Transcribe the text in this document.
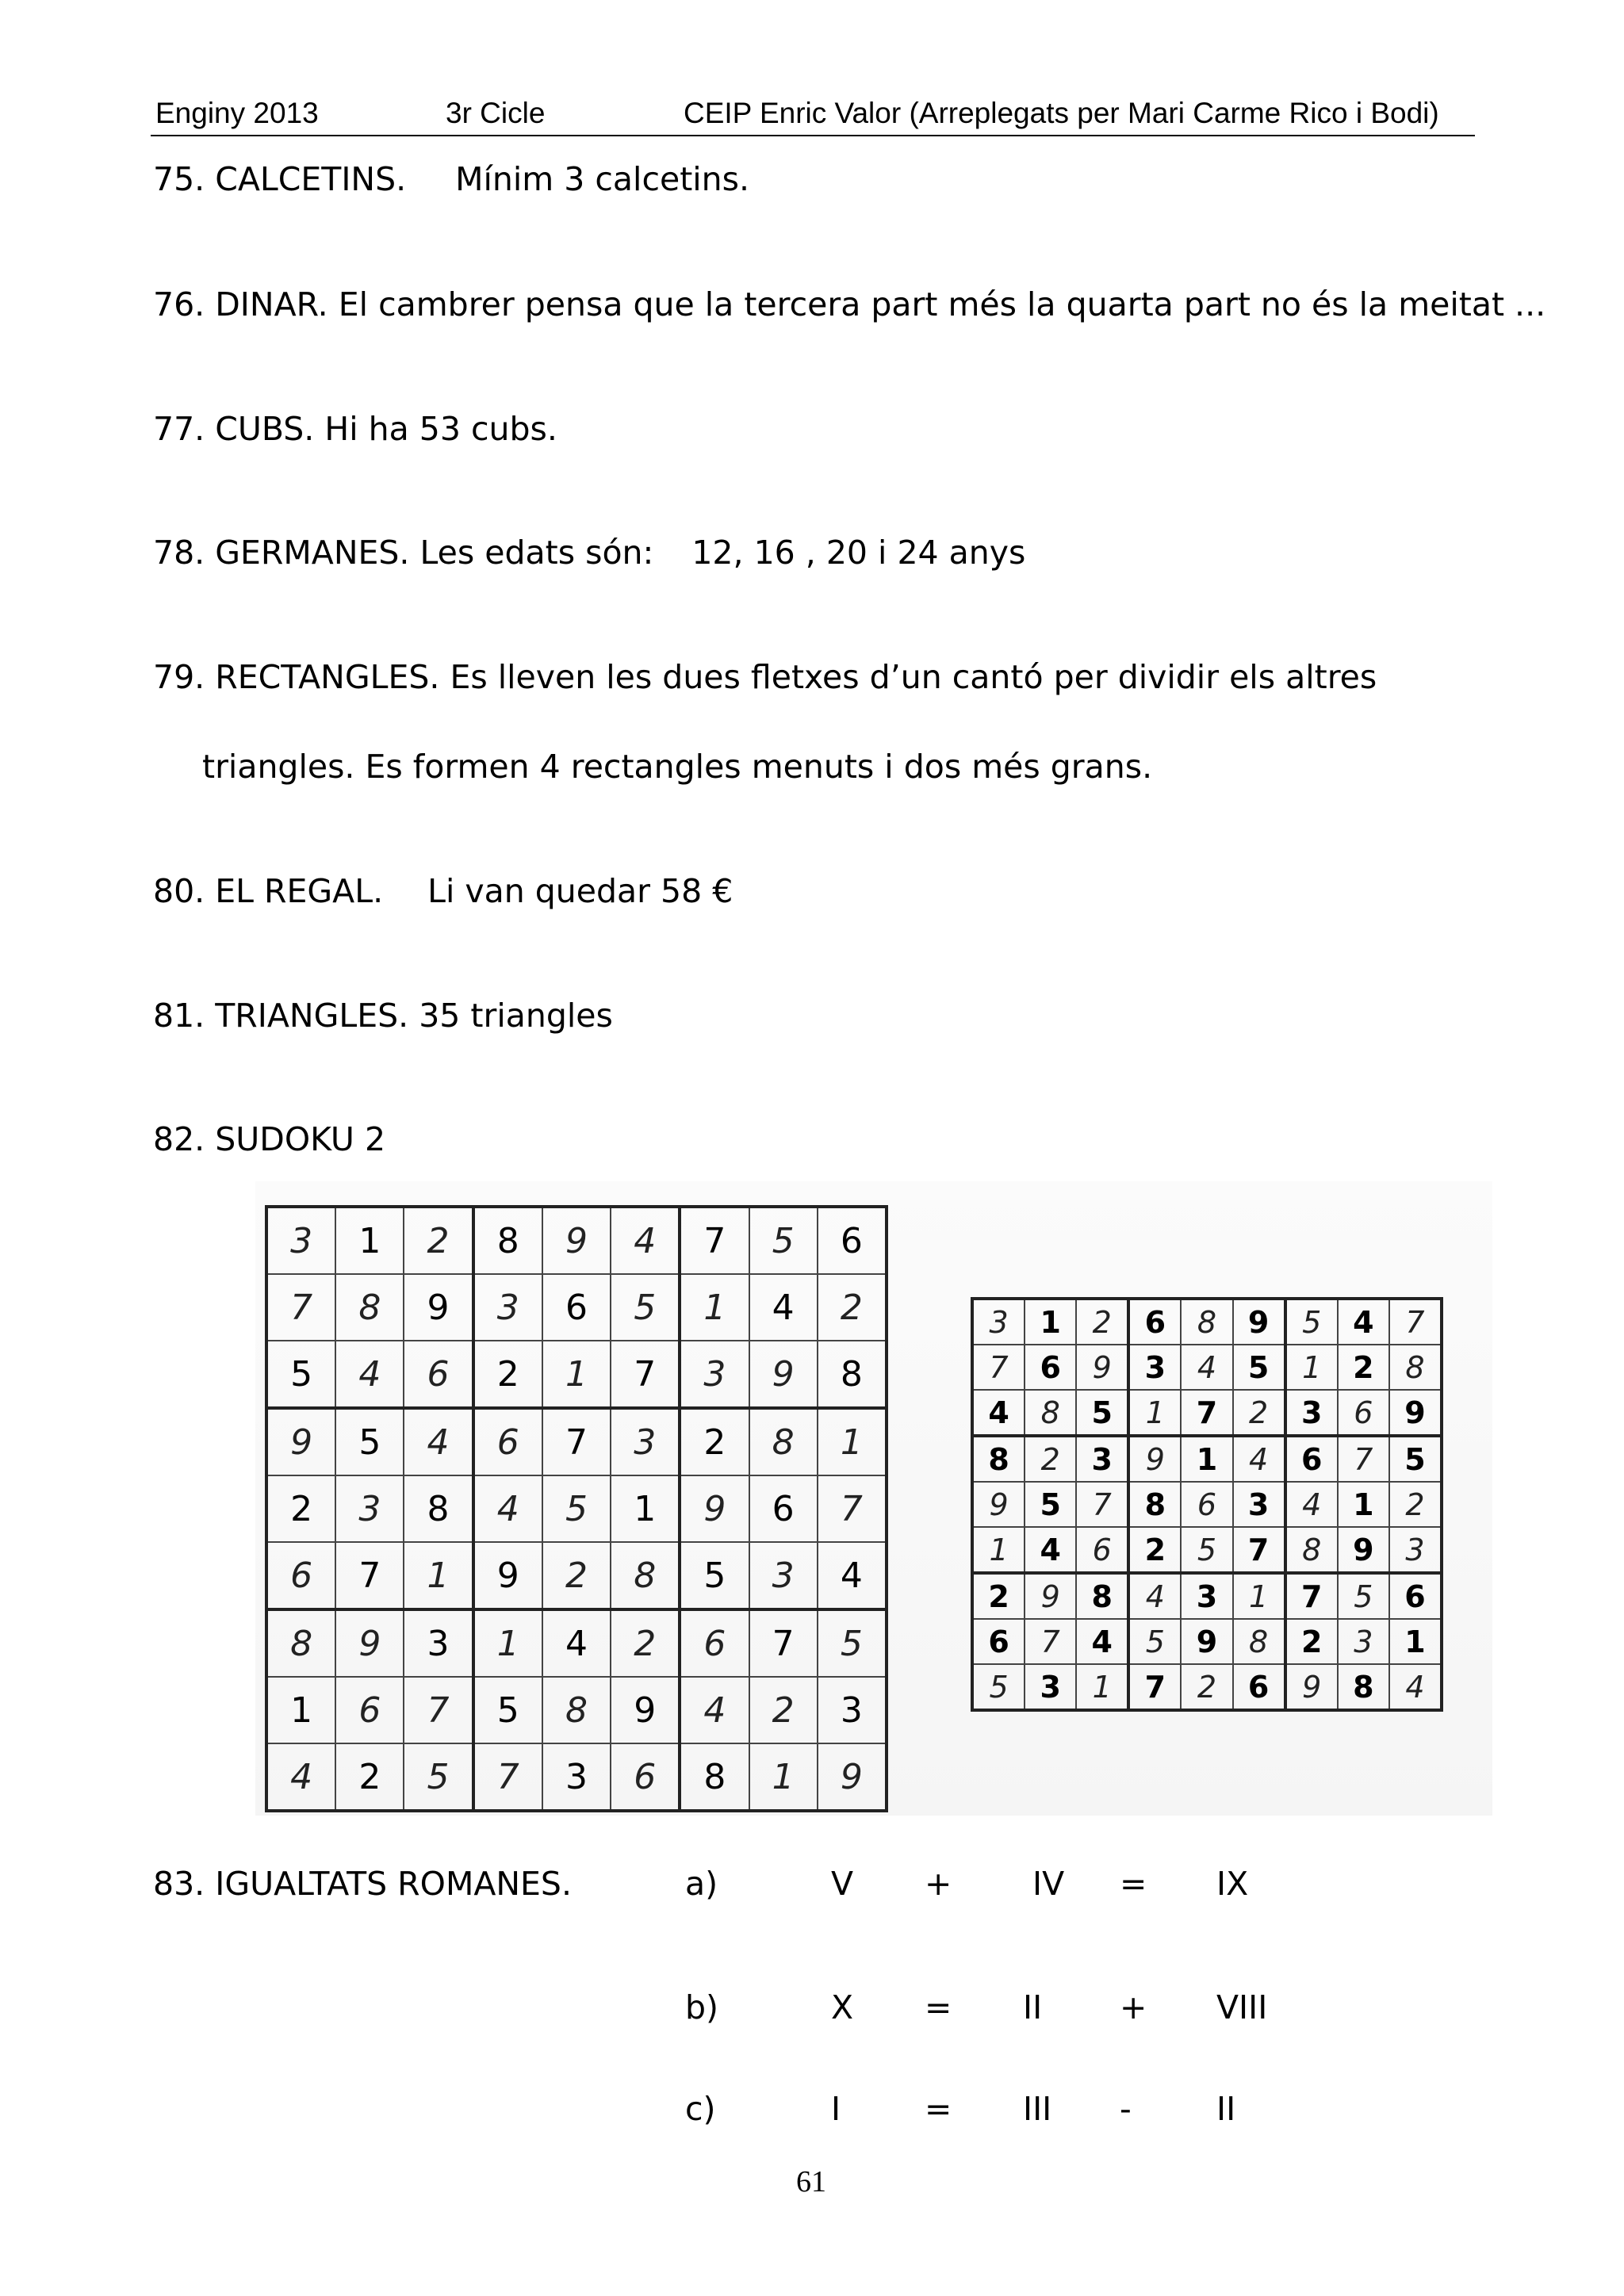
Enginy 2013	3r Cicle	CEIP Enric Valor (Arreplegats per Mari Carme Rico i Bodi)
75. CALCETINS. Mínim 3 calcetins.
76. DINAR. El cambrer pensa que la tercera part més la quarta part no és la meitat ...
77. CUBS. Hi ha 53 cubs.
78. GERMANES. Les edats són: 12, 16 , 20 i 24 anys
79. RECTANGLES. Es lleven les dues fletxes d’un cantó per dividir els altres
triangles. Es formen 4 rectangles menuts i dos més grans.
80. EL REGAL. Li van quedar 58 €
81. TRIANGLES. 35 triangles
82. SUDOKU 2
3	1	2	8	9	4	7	5	6
7	8	9	3	6	5	1	4	2
5	4	6	2	1	7	3	9	8
9	5	4	6	7	3	2	8	1
2	3	8	4	5	1	9	6	7
6	7	1	9	2	8	5	3	4
8	9	3	1	4	2	6	7	5
1	6	7	5	8	9	4	2	3
4	2	5	7	3	6	8	1	9
3	1	2	6	8	9	5	4	7
7	6	9	3	4	5	1	2	8
4	8	5	1	7	2	3	6	9
8	2	3	9	1	4	6	7	5
9	5	7	8	6	3	4	1	2
1	4	6	2	5	7	8	9	3
2	9	8	4	3	1	7	5	6
6	7	4	5	9	8	2	3	1
5	3	1	7	2	6	9	8	4
83. IGUALTATS ROMANES.	a)	V + IV = IX
b)	X = II + VIII
c)	I	= III -	II
61
